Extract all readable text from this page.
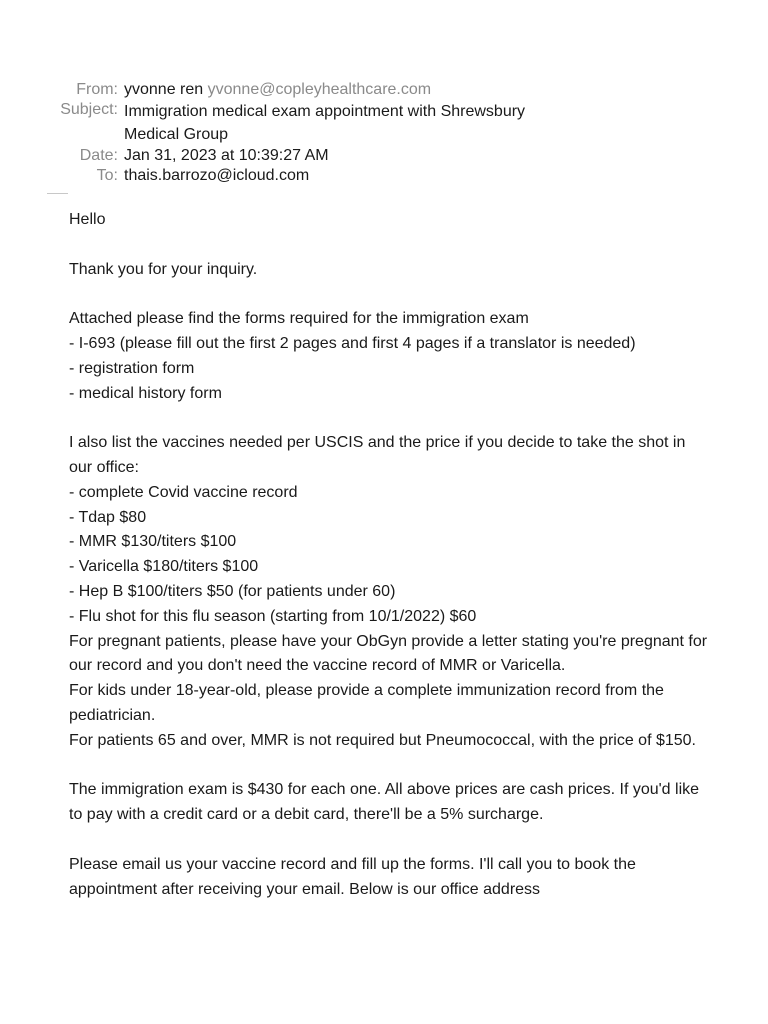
From: yvonne ren yvonne@copleyhealthcare.com
Subject: Immigration medical exam appointment with Shrewsbury Medical Group
Date: Jan 31, 2023 at 10:39:27 AM
To: thais.barrozo@icloud.com

Hello

Thank you for your inquiry.

Attached please find the forms required for the immigration exam

- I-693 (please fill out the first 2 pages and first 4 pages if a translator is needed)

- registration form

- medical history form

I also list the vaccines needed per USCIS and the price if you decide to take the shot in our office:

- complete Covid vaccine record

- Tdap $80

- MMR $130/titers $100

- Varicella $180/titers $100

- Hep B $100/titers $50 (for patients under 60)

- Flu shot for this flu season (starting from 10/1/2022) $60

For pregnant patients, please have your ObGyn provide a letter stating you're pregnant for our record and you don't need the vaccine record of MMR or Varicella.

For kids under 18-year-old, please provide a complete immunization record from the pediatrician.

For patients 65 and over, MMR is not required but Pneumococcal, with the price of $150.

The immigration exam is $430 for each one. All above prices are cash prices. If you'd like to pay with a credit card or a debit card, there'll be a 5% surcharge.

Please email us your vaccine record and fill up the forms. I'll call you to book the appointment after receiving your email. Below is our office address
